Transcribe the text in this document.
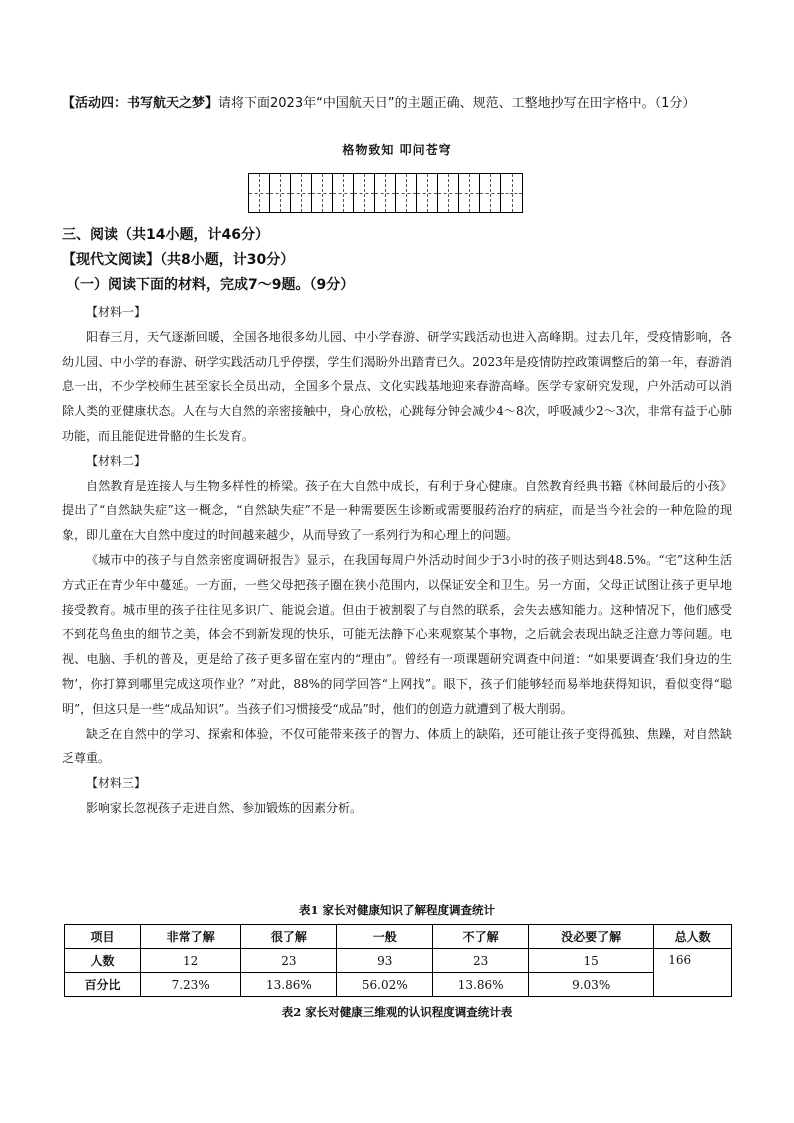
【活动四：书写航天之梦】请将下面2023年“中国航天日”的主题正确、规范、工整地抄写在田字格中。（1分）
格物致知 叩问苍穹
三、阅读（共14小题，计46分）
【现代文阅读】（共8小题，计30分）
（一）阅读下面的材料，完成7～9题。（9分）

【材料一】

阳春三月，天气逐渐回暖，全国各地很多幼儿园、中小学春游、研学实践活动也进入高峰期。过去几年，受疫情影响，各幼儿园、中小学的春游、研学实践活动几乎停摆，学生们渴盼外出踏青已久。2023年是疫情防控政策调整后的第一年，春游消息一出，不少学校师生甚至家长全员出动，全国多个景点、文化实践基地迎来春游高峰。医学专家研究发现，户外活动可以消除人类的亚健康状态。人在与大自然的亲密接触中，身心放松，心跳每分钟会减少4～8次，呼吸减少2～3次，非常有益于心肺功能，而且能促进骨骼的生长发育。

【材料二】

自然教育是连接人与生物多样性的桥梁。孩子在大自然中成长，有利于身心健康。自然教育经典书籍《林间最后的小孩》提出了“自然缺失症”这一概念，“自然缺失症”不是一种需要医生诊断或需要服药治疗的病症，而是当今社会的一种危险的现象，即儿童在大自然中度过的时间越来越少，从而导致了一系列行为和心理上的问题。

《城市中的孩子与自然亲密度调研报告》显示，在我国每周户外活动时间少于3小时的孩子则达到48.5%。“宅”这种生活方式正在青少年中蔓延。一方面，一些父母把孩子圈在狭小范围内，以保证安全和卫生。另一方面，父母正试图让孩子更早地接受教育。城市里的孩子往往见多识广、能说会道。但由于被割裂了与自然的联系，会失去感知能力。这种情况下，他们感受不到花鸟鱼虫的细节之美，体会不到新发现的快乐，可能无法静下心来观察某个事物，之后就会表现出缺乏注意力等问题。电视、电脑、手机的普及，更是给了孩子更多留在室内的“理由”。曾经有一项课题研究调查中问道：“如果要调查‘我们身边的生物’，你打算到哪里完成这项作业？”对此，88%的同学回答“上网找”。眼下，孩子们能够轻而易举地获得知识，看似变得“聪明”，但这只是一些“成品知识”。当孩子们习惯接受“成品”时，他们的创造力就遭到了极大削弱。

缺乏在自然中的学习、探索和体验，不仅可能带来孩子的智力、体质上的缺陷，还可能让孩子变得孤独、焦躁，对自然缺乏尊重。

【材料三】

影响家长忽视孩子走进自然、参加锻炼的因素分析。

表1 家长对健康知识了解程度调查统计
项目	非常了解	很了解	一般	不了解	没必要了解	总人数
人数	12	23	93	23	15	166
百分比	7.23%	13.86%	56.02%	13.86%	9.03%	
表2 家长对健康三维观的认识程度调查统计表
